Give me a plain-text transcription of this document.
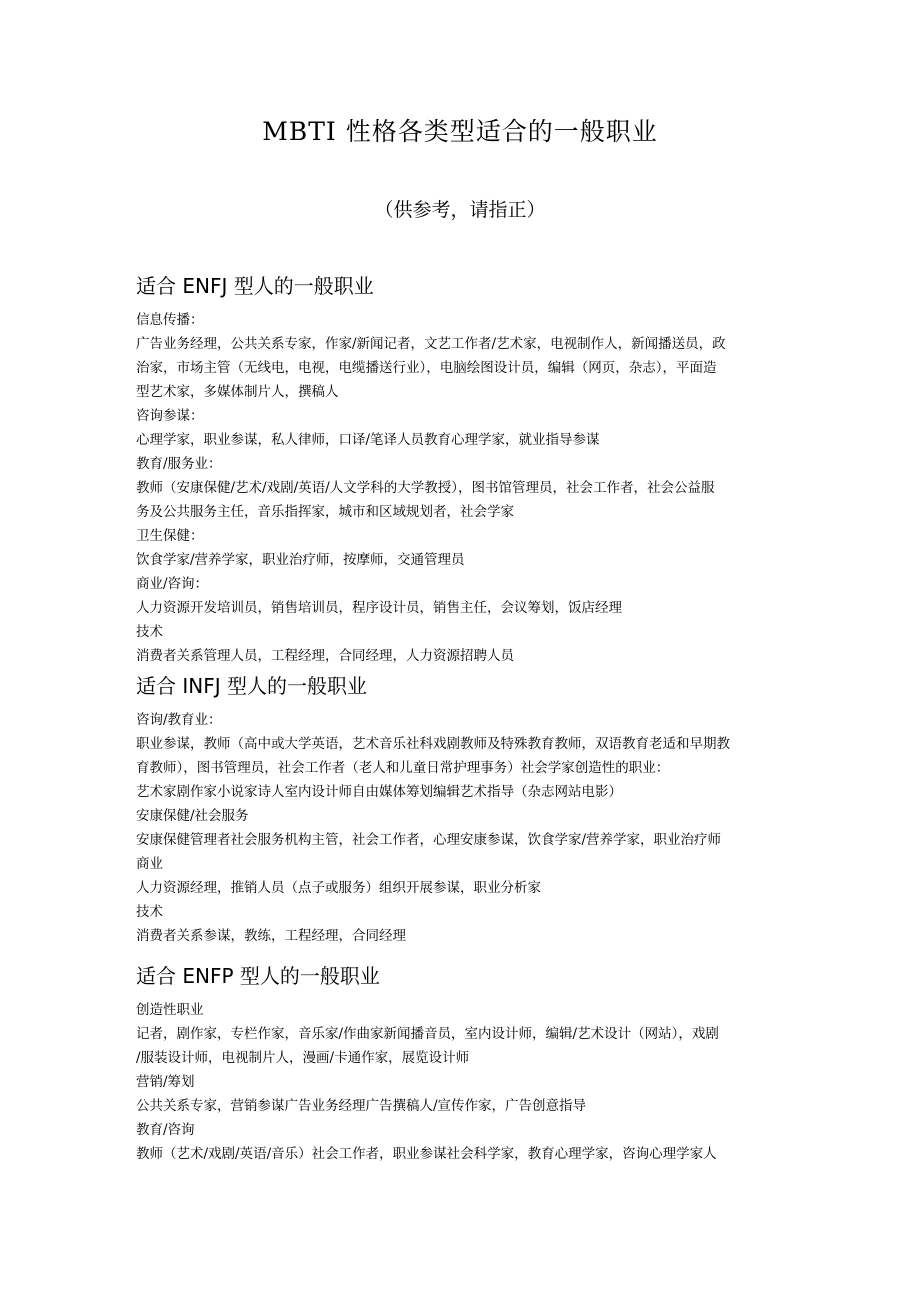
MBTI 性格各类型适合的一般职业
（供参考，请指正）
适合 ENFJ 型人的一般职业

信息传播：

广告业务经理，公共关系专家，作家/新闻记者，文艺工作者/艺术家，电视制作人，新闻播送员，政

治家，市场主管（无线电，电视，电缆播送行业），电脑绘图设计员，编辑（网页，杂志），平面造

型艺术家，多媒体制片人，撰稿人

咨询参谋：

心理学家，职业参谋，私人律师，口译/笔译人员教育心理学家，就业指导参谋

教育/服务业：

教师（安康保健/艺术/戏剧/英语/人文学科的大学教授），图书馆管理员，社会工作者，社会公益服

务及公共服务主任，音乐指挥家，城市和区域规划者，社会学家

卫生保健：

饮食学家/营养学家，职业治疗师，按摩师，交通管理员

商业/咨询：

人力资源开发培训员，销售培训员，程序设计员，销售主任，会议筹划，饭店经理

技术

消费者关系管理人员，工程经理，合同经理，人力资源招聘人员

适合 INFJ 型人的一般职业

咨询/教育业：

职业参谋，教师（高中或大学英语，艺术音乐社科戏剧教师及特殊教育教师，双语教育老适和早期教

育教师），图书管理员，社会工作者（老人和儿童日常护理事务）社会学家创造性的职业：

艺术家剧作家小说家诗人室内设计师自由媒体筹划编辑艺术指导（杂志网站电影）

安康保健/社会服务

安康保健管理者社会服务机构主管，社会工作者，心理安康参谋，饮食学家/营养学家，职业治疗师

商业

人力资源经理，推销人员（点子或服务）组织开展参谋，职业分析家

技术

消费者关系参谋，教练，工程经理，合同经理

适合 ENFP 型人的一般职业

创造性职业

记者，剧作家，专栏作家，音乐家/作曲家新闻播音员，室内设计师，编辑/艺术设计（网站），戏剧

/服装设计师，电视制片人，漫画/卡通作家，展览设计师

营销/筹划

公共关系专家，营销参谋广告业务经理广告撰稿人/宣传作家，广告创意指导

教育/咨询

教师（艺术/戏剧/英语/音乐）社会工作者，职业参谋社会科学家，教育心理学家，咨询心理学家人
